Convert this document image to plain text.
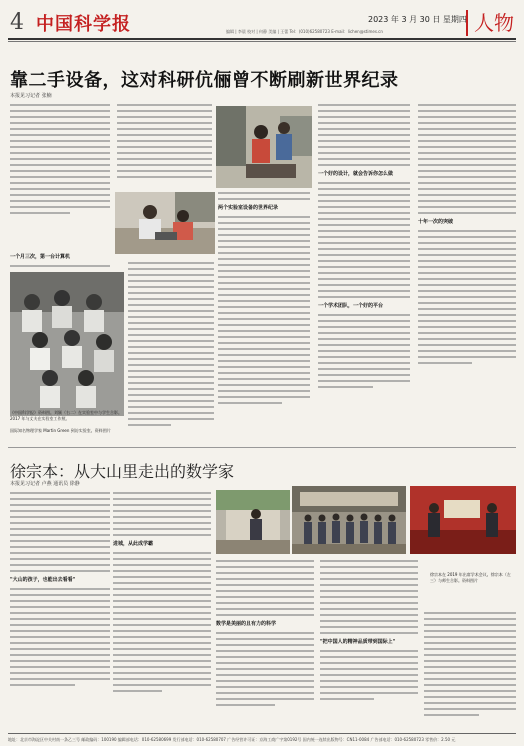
4 中国科学报	2023 年 3 月 30 日 星期四
编辑 | 李晨 校对 | 何静 美编 | 王蕾 Tel：(010)62580723 E-mail：lichen@stimes.cn	人物
靠二手设备，这对科研伉俪曾不断刷新世界纪录
本报见习记者 张楠
一个月三次，第一台计算机
《中国科学报》资料图。刘颖（右二）在实验室中与学生合影。2017 年与丈夫在实验室工作照。
国际知名物理学家 Martin Green 到访实验室。资料图片
两个实验室设备的世界纪录
一个好的设计，就会告诉你怎么做
一个学术团队，一个好的平台
十年一次的突破
徐宗本：从大山里走出的数学家
本报见习记者 卢燕 通讯员 徐静
徐宗本在 2019 年出席学术会议。徐宗本（左三）与师生合影。资料图片
"大山的孩子，也能出去看看"
进城，从此成学霸
数学是美丽的且有力的科学
"把中国人的精神品质带到国际上"
地址：北京市海淀区中关村南一条乙三号 邮政编码：100190 编辑部电话：010-62580699 发行部电话：010-62580707 广告经营许可证：京海工商广字第0192号 国内统一连续出版物号：CN11-0084 广告部电话：010-62580723 零售价：2.50 元
